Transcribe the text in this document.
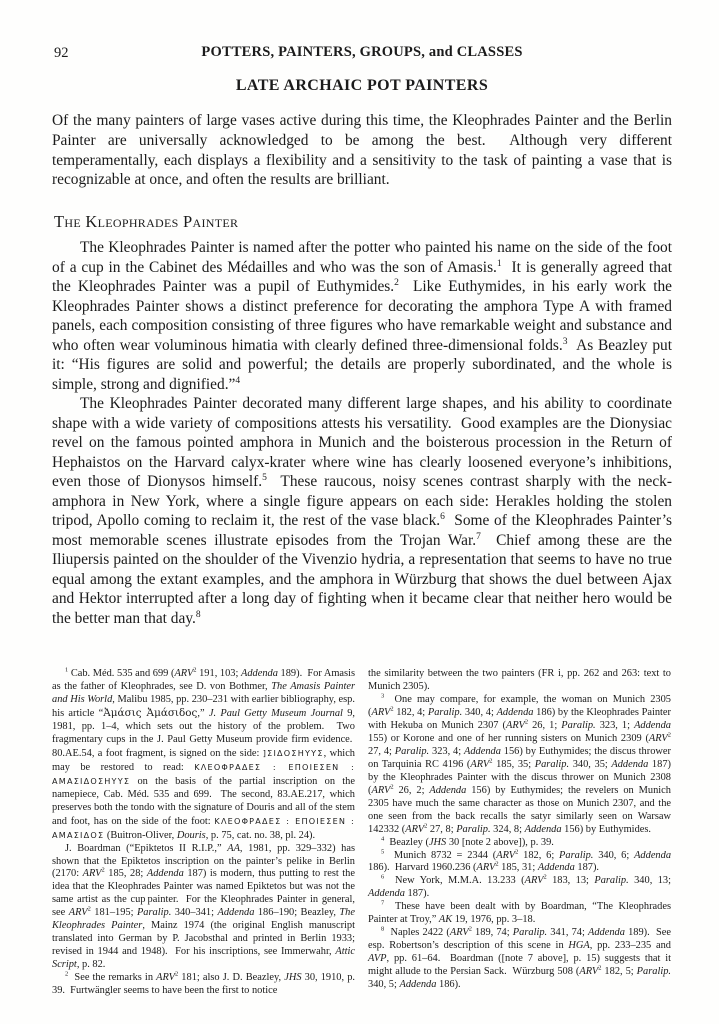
92	POTTERS, PAINTERS, GROUPS, and CLASSES
LATE ARCHAIC POT PAINTERS

Of the many painters of large vases active during this time, the Kleophrades Painter and the Berlin Painter are universally acknowledged to be among the best.  Although very different temperamentally, each displays a flexibility and a sensitivity to the task of painting a vase that is recognizable at once, and often the results are brilliant.

The Kleophrades Painter

The Kleophrades Painter is named after the potter who painted his name on the side of the foot of a cup in the Cabinet des Médailles and who was the son of Amasis.$^1$  It is generally agreed that the Kleophrades Painter was a pupil of Euthymides.$^2$  Like Euthymides, in his early work the Kleophrades Painter shows a distinct preference for decorating the amphora Type A with framed panels, each composition consisting of three figures who have remarkable weight and substance and who often wear voluminous himatia with clearly defined three-dimensional folds.$^3$  As Beazley put it: “His figures are solid and powerful; the details are properly subordinated, and the whole is simple, strong and dignified.”$^4$

The Kleophrades Painter decorated many different large shapes, and his ability to coordinate shape with a wide variety of compositions attests his versatility.  Good examples are the Dionysiac revel on the famous pointed amphora in Munich and the boisterous procession in the Return of Hephaistos on the Harvard calyx-krater where wine has clearly loosened everyone’s inhibitions, even those of Dionysos himself.$^5$  These raucous, noisy scenes contrast sharply with the neck-amphora in New York, where a single figure appears on each side: Herakles holding the stolen tripod, Apollo coming to reclaim it, the rest of the vase black.$^6$  Some of the Kleophrades Painter’s most memorable scenes illustrate episodes from the Trojan War.$^7$  Chief among these are the Iliupersis painted on the shoulder of the Vivenzio hydria, a representation that seems to have no true equal among the extant examples, and the amphora in Würzburg that shows the duel between Ajax and Hektor interrupted after a long day of fighting when it became clear that neither hero would be the better man that day.$^8$

$^1$ Cab. Méd. 535 and 699 (ARV$^2$ 191, 103; Addenda 189).  For Amasis as the father of Kleophrades, see D. von Bothmer, The Amasis Painter and His World, Malibu 1985, pp. 230–231 with earlier bibliography, esp. his article “Ἀμάσις Ἀμάσιδος,” J. Paul Getty Museum Journal 9, 1981, pp. 1–4, which sets out the history of the problem.  Two fragmentary cups in the J. Paul Getty Museum provide firm evidence.  80.AE.54, a foot fragment, is signed on the side: ]ΣΙΔΟΣΗΥΥΣ, which may be restored to read: ΚΛΕΟΦΡΑΔΕΣ : ΕΠΟΙΕΣΕΝ : ΑΜΑΣΙΔΟΣΗΥΥΣ on the basis of the partial inscription on the namepiece, Cab. Méd. 535 and 699.  The second, 83.AE.217, which preserves both the tondo with the signature of Douris and all of the stem and foot, has on the side of the foot: ΚΛΕΟΦΡΑΔΕΣ : ΕΠΟΙΕΣΕΝ : ΑΜΑΣΙΔΟΣ (Buitron-Oliver, Douris, p. 75, cat. no. 38, pl. 24).

J. Boardman (“Epiktetos II R.I.P.,” AA, 1981, pp. 329–332) has shown that the Epiktetos inscription on the painter’s pelike in Berlin (2170: ARV$^2$ 185, 28; Addenda 187) is modern, thus putting to rest the idea that the Kleophrades Painter was named Epiktetos but was not the same artist as the cup painter.  For the Kleophrades Painter in general, see ARV$^2$ 181–195; Paralip. 340–341; Addenda 186–190; Beazley, The Kleophrades Painter, Mainz 1974 (the original English manuscript translated into German by P. Jacobsthal and printed in Berlin 1933; revised in 1944 and 1948).  For his inscriptions, see Immerwahr, Attic Script, p. 82.

$^2$  See the remarks in ARV$^2$ 181; also J. D. Beazley, JHS 30, 1910, p. 39.  Furtwängler seems to have been the first to notice

the similarity between the two painters (FR i, pp. 262 and 263: text to Munich 2305).

$^3$  One may compare, for example, the woman on Munich 2305 (ARV$^2$ 182, 4; Paralip. 340, 4; Addenda 186) by the Kleophrades Painter with Hekuba on Munich 2307 (ARV$^2$ 26, 1; Paralip. 323, 1; Addenda 155) or Korone and one of her running sisters on Munich 2309 (ARV$^2$ 27, 4; Paralip. 323, 4; Addenda 156) by Euthymides; the discus thrower on Tarquinia RC 4196 (ARV$^2$ 185, 35; Paralip. 340, 35; Addenda 187) by the Kleophrades Painter with the discus thrower on Munich 2308 (ARV$^2$ 26, 2; Addenda 156) by Euthymides; the revelers on Munich 2305 have much the same character as those on Munich 2307, and the one seen from the back recalls the satyr similarly seen on Warsaw 142332 (ARV$^2$ 27, 8; Paralip. 324, 8; Addenda 156) by Euthymides.

$^4$  Beazley (JHS 30 [note 2 above]), p. 39.

$^5$  Munich 8732 = 2344 (ARV$^2$ 182, 6; Paralip. 340, 6; Addenda 186).  Harvard 1960.236 (ARV$^2$ 185, 31; Addenda 187).

$^6$  New York, M.M.A. 13.233 (ARV$^2$ 183, 13; Paralip. 340, 13; Addenda 187).

$^7$  These have been dealt with by Boardman, “The Kleophrades Painter at Troy,” AK 19, 1976, pp. 3–18.

$^8$  Naples 2422 (ARV$^2$ 189, 74; Paralip. 341, 74; Addenda 189).  See esp. Robertson’s description of this scene in HGA, pp. 233–235 and AVP, pp. 61–64.  Boardman ([note 7 above], p. 15) suggests that it might allude to the Persian Sack.  Würzburg 508 (ARV$^2$ 182, 5; Paralip. 340, 5; Addenda 186).
